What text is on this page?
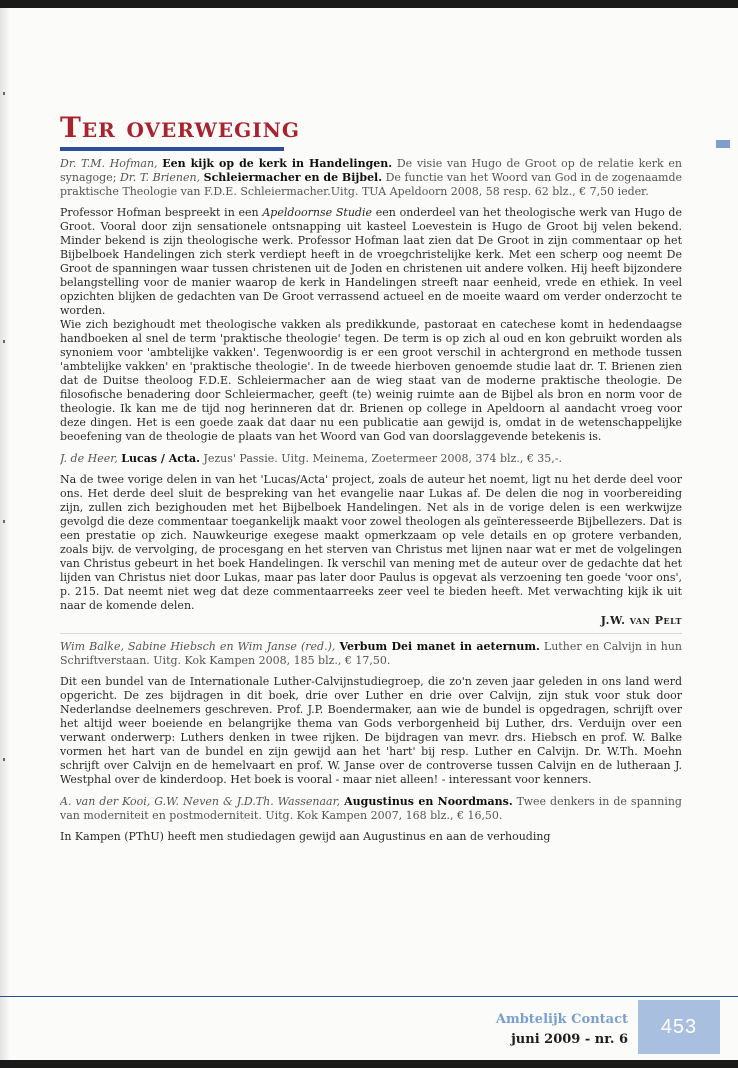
Ter overweging

Dr. T.M. Hofman, Een kijk op de kerk in Handelingen. De visie van Hugo de Groot op de relatie kerk en synagoge; Dr. T. Brienen, Schleiermacher en de Bijbel. De functie van het Woord van God in de zogenaamde praktische Theologie van F.D.E. Schleiermacher.Uitg. TUA Apeldoorn 2008, 58 resp. 62 blz., € 7,50 ieder.

Professor Hofman bespreekt in een Apeldoornse Studie een onderdeel van het theologische werk van Hugo de Groot. Vooral door zijn sensationele ontsnapping uit kasteel Loevestein is Hugo de Groot bij velen bekend. Minder bekend is zijn theologische werk. Professor Hofman laat zien dat De Groot in zijn commentaar op het Bijbelboek Handelingen zich sterk verdiept heeft in de vroegchristelijke kerk. Met een scherp oog neemt De Groot de spanningen waar tussen christenen uit de Joden en christenen uit andere volken. Hij heeft bijzondere belangstelling voor de manier waarop de kerk in Handelingen streeft naar eenheid, vrede en ethiek. In veel opzichten blijken de gedachten van De Groot verrassend actueel en de moeite waard om verder onderzocht te worden.

Wie zich bezighoudt met theologische vakken als predikkunde, pastoraat en catechese komt in hedendaagse handboeken al snel de term 'praktische theologie' tegen. De term is op zich al oud en kon gebruikt worden als synoniem voor 'ambtelijke vakken'. Tegenwoordig is er een groot verschil in achtergrond en methode tussen 'ambtelijke vakken' en 'praktische theologie'. In de tweede hierboven genoemde studie laat dr. T. Brienen zien dat de Duitse theoloog F.D.E. Schleiermacher aan de wieg staat van de moderne praktische theologie. De filosofische benadering door Schleiermacher, geeft (te) weinig ruimte aan de Bijbel als bron en norm voor de theologie. Ik kan me de tijd nog herinneren dat dr. Brienen op college in Apeldoorn al aandacht vroeg voor deze dingen. Het is een goede zaak dat daar nu een publicatie aan gewijd is, omdat in de wetenschappelijke beoefening van de theologie de plaats van het Woord van God van doorslaggevende betekenis is.

J. de Heer, Lucas / Acta. Jezus' Passie. Uitg. Meinema, Zoetermeer 2008, 374 blz., € 35,-.

Na de twee vorige delen in van het 'Lucas/Acta' project, zoals de auteur het noemt, ligt nu het derde deel voor ons. Het derde deel sluit de bespreking van het evangelie naar Lukas af. De delen die nog in voorbereiding zijn, zullen zich bezighouden met het Bijbelboek Handelingen. Net als in de vorige delen is een werkwijze gevolgd die deze commentaar toegankelijk maakt voor zowel theologen als geïnteresseerde Bijbellezers. Dat is een prestatie op zich. Nauwkeurige exegese maakt opmerkzaam op vele details en op grotere verbanden, zoals bijv. de vervolging, de procesgang en het sterven van Christus met lijnen naar wat er met de volgelingen van Christus gebeurt in het boek Handelingen. Ik verschil van mening met de auteur over de gedachte dat het lijden van Christus niet door Lukas, maar pas later door Paulus is opgevat als verzoening ten goede 'voor ons', p. 215. Dat neemt niet weg dat deze commentaarreeks zeer veel te bieden heeft. Met verwachting kijk ik uit naar de komende delen.

J.W. van Pelt

Wim Balke, Sabine Hiebsch en Wim Janse (red.), Verbum Dei manet in aeternum. Luther en Calvijn in hun Schriftverstaan. Uitg. Kok Kampen 2008, 185 blz., € 17,50.

Dit een bundel van de Internationale Luther-Calvijnstudiegroep, die zo'n zeven jaar geleden in ons land werd opgericht. De zes bijdragen in dit boek, drie over Luther en drie over Calvijn, zijn stuk voor stuk door Nederlandse deelnemers geschreven. Prof. J.P. Boendermaker, aan wie de bundel is opgedragen, schrijft over het altijd weer boeiende en belangrijke thema van Gods verborgenheid bij Luther, drs. Verduijn over een verwant onderwerp: Luthers denken in twee rijken. De bijdragen van mevr. drs. Hiebsch en prof. W. Balke vormen het hart van de bundel en zijn gewijd aan het 'hart' bij resp. Luther en Calvijn. Dr. W.Th. Moehn schrijft over Calvijn en de hemelvaart en prof. W. Janse over de controverse tussen Calvijn en de lutheraan J. Westphal over de kinderdoop. Het boek is vooral - maar niet alleen! - interessant voor kenners.

A. van der Kooi, G.W. Neven & J.D.Th. Wassenaar, Augustinus en Noordmans. Twee denkers in de spanning van moderniteit en postmoderniteit. Uitg. Kok Kampen 2007, 168 blz., € 16,50.

In Kampen (PThU) heeft men studiedagen gewijd aan Augustinus en aan de verhouding

Ambtelijk Contact
juni 2009 - nr. 6
453
